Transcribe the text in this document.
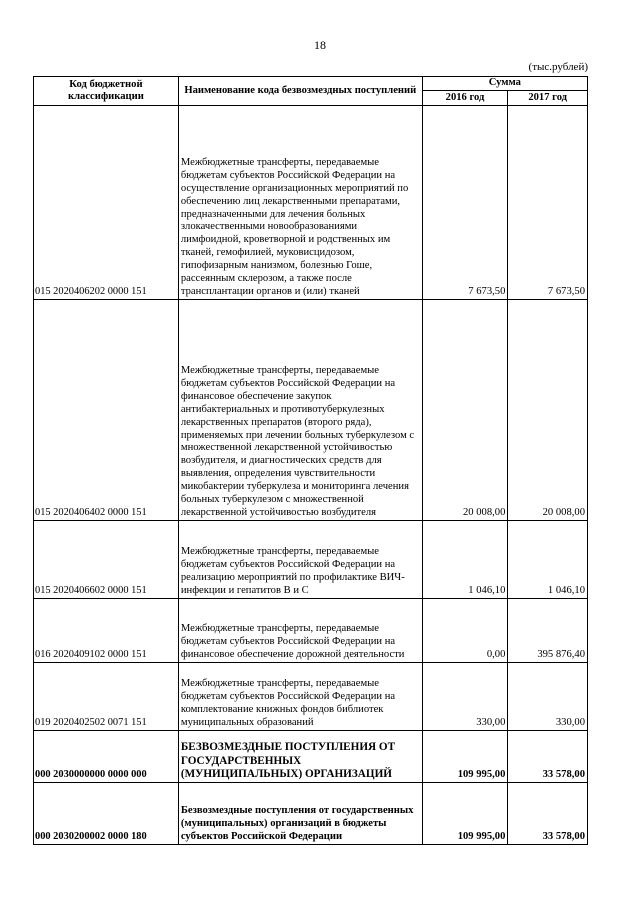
18
(тыс.рублей)
Код бюджетной классификации	Наименование кода безвозмездных поступлений	Сумма	
		2016 год	2017 год
015 2020406202 0000 151	Межбюджетные трансферты, передаваемые бюджетам субъектов Российской Федерации на осуществление организационных мероприятий по обеспечению лиц лекарственными препаратами, предназначенными для лечения больных злокачественными новообразованиями лимфоидной, кроветворной и родственных им тканей, гемофилией, муковисцидозом, гипофизарным нанизмом, болезнью Гоше, рассеянным склерозом, а также после трансплантации органов и (или) тканей	7 673,50	7 673,50
015 2020406402 0000 151	Межбюджетные трансферты, передаваемые бюджетам субъектов Российской Федерации на финансовое обеспечение закупок антибактериальных и противотуберкулезных лекарственных препаратов (второго ряда), применяемых при лечении больных туберкулезом с множественной лекарственной устойчивостью возбудителя, и диагностических средств для выявления, определения чувствительности микобактерии туберкулеза и мониторинга лечения больных туберкулезом с множественной лекарственной устойчивостью возбудителя	20 008,00	20 008,00
015 2020406602 0000 151	Межбюджетные трансферты, передаваемые бюджетам субъектов Российской Федерации на реализацию мероприятий по профилактике ВИЧ-инфекции и гепатитов В и С	1 046,10	1 046,10
016 2020409102 0000 151	Межбюджетные трансферты, передаваемые бюджетам субъектов Российской Федерации на финансовое обеспечение дорожной деятельности	0,00	395 876,40
019 2020402502 0071 151	Межбюджетные трансферты, передаваемые бюджетам субъектов Российской Федерации на комплектование книжных фондов библиотек муниципальных образований	330,00	330,00
000 2030000000 0000 000	БЕЗВОЗМЕЗДНЫЕ ПОСТУПЛЕНИЯ ОТ ГОСУДАРСТВЕННЫХ (МУНИЦИПАЛЬНЫХ) ОРГАНИЗАЦИЙ	109 995,00	33 578,00
000 2030200002 0000 180	Безвозмездные поступления от государственных (муниципальных) организаций в бюджеты субъектов Российской Федерации	109 995,00	33 578,00
